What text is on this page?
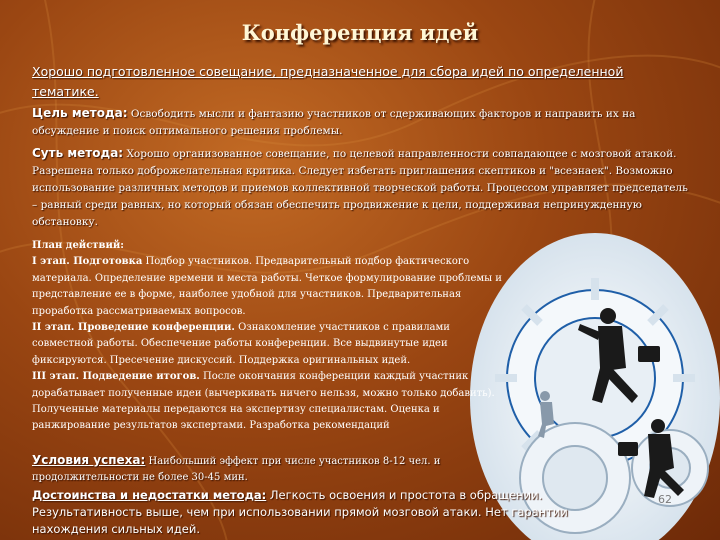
Конференция идей
Хорошо подготовленное совещание, предназначенное для сбора идей по определенной тематике.
Цель метода: Освободить мысли и фантазию участников от сдерживающих факторов и направить их на обсуждение и поиск оптимального решения проблемы.
Суть метода: Хорошо организованное совещание, по целевой направленности совпадающее с мозговой атакой. Разрешена только доброжелательная критика. Следует избегать приглашения скептиков и "всезнаек". Возможно использование различных методов и приемов коллективной творческой работы. Процессом управляет председатель – равный среди равных, но который обязан обеспечить продвижение к цели, поддерживая непринужденную обстановку.
План действий:
I этап. Подготовка Подбор участников. Предварительный подбор фактического материала. Определение времени и места работы. Четкое формулирование проблемы и представление ее в форме, наиболее удобной для участников. Предварительная проработка рассматриваемых вопросов.
II этап. Проведение конференции. Ознакомление участников с правилами совместной работы. Обеспечение работы конференции. Все выдвинутые идеи фиксируются. Пресечение дискуссий. Поддержка оригинальных идей.
III этап. Подведение итогов. После окончания конференции каждый участник дорабатывает полученные идеи (вычеркивать ничего нельзя, можно только добавить). Полученные материалы передаются на экспертизу специалистам. Оценка и ранжирование результатов экспертами. Разработка рекомендаций
Условия успеха: Наибольший эффект при числе участников 8-12 чел. и продолжительности не более 30-45 мин.
Достоинства и недостатки метода: Легкость освоения и простота в обращении. Результативность выше, чем при использовании прямой мозговой атаки. Нет гарантии нахождения сильных идей.
62
